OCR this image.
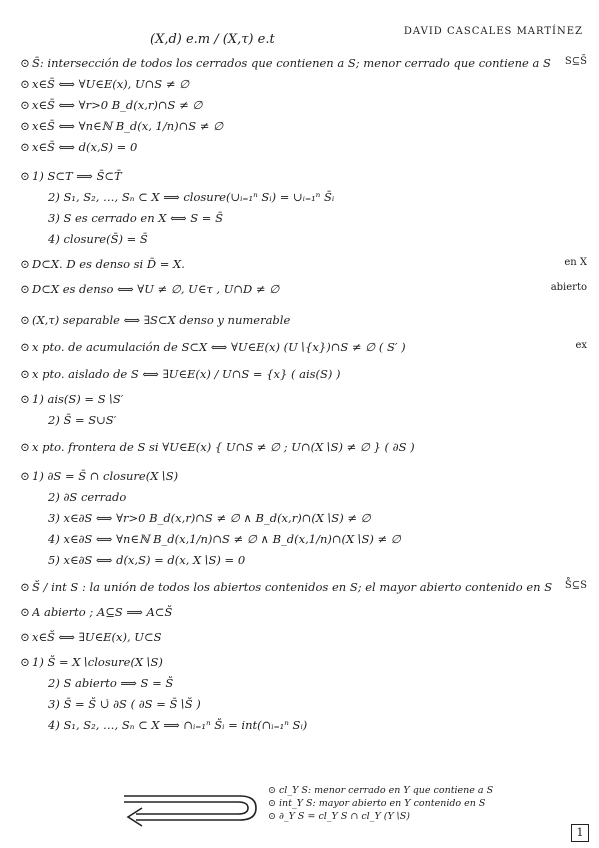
(X,d) e.m / (X,τ) e.t
DAVID CASCALES MARTÍNEZ
⊙ S̄: intersección de todos los cerrados que contienen a S; menor cerrado que contiene a S	S⊆S̄
⊙ x∈S̄ ⟺ ∀U∈E(x), U∩S ≠ ∅
⊙ x∈S̄ ⟺ ∀r>0 B_d(x,r)∩S ≠ ∅
⊙ x∈S̄ ⟺ ∀n∈ℕ B_d(x, 1/n)∩S ≠ ∅
⊙ x∈S̄ ⟺ d(x,S) = 0
⊙ 1) S⊂T ⟹ S̄⊂T̄
2) S₁, S₂, …, Sₙ ⊂ X ⟹ closure(∪ᵢ₌₁ⁿ Sᵢ) = ∪ᵢ₌₁ⁿ S̄ᵢ
3) S es cerrado en X ⟺ S = S̄
4) closure(S̄) = S̄
⊙ D⊂X. D es denso si D̄ = X.	en X
⊙ D⊂X es denso ⟺ ∀U ≠ ∅, U∈τ , U∩D ≠ ∅	abierto
⊙ (X,τ) separable ⟺ ∃S⊂X denso y numerable
⊙ x pto. de acumulación de S⊂X ⟺ ∀U∈E(x) (U∖{x})∩S ≠ ∅ ( S′ )	ex
⊙ x pto. aislado de S ⟺ ∃U∈E(x) / U∩S = {x} ( ais(S) )
⊙ 1) ais(S) = S∖S′
2) S̄ = S∪S′
⊙ x pto. frontera de S si ∀U∈E(x) { U∩S ≠ ∅ ; U∩(X∖S) ≠ ∅ } ( ∂S )
⊙ 1) ∂S = S̄ ∩ closure(X∖S)
2) ∂S cerrado
3) x∈∂S ⟺ ∀r>0 B_d(x,r)∩S ≠ ∅ ∧ B_d(x,r)∩(X∖S) ≠ ∅
4) x∈∂S ⟺ ∀n∈ℕ B_d(x,1/n)∩S ≠ ∅ ∧ B_d(x,1/n)∩(X∖S) ≠ ∅
5) x∈∂S ⟺ d(x,S) = d(x, X∖S) = 0
⊙ S̊ / int S : la unión de todos los abiertos contenidos en S; el mayor abierto contenido en S	S̊⊆S
⊙ A abierto ; A⊆S ⟹ A⊂S̊
⊙ x∈S̊ ⟺ ∃U∈E(x), U⊂S
⊙ 1) S̊ = X∖closure(X∖S)
2) S abierto ⟹ S = S̊
3) S̄ = S̊ ∪̇ ∂S ( ∂S = S̄∖S̊ )
4) S₁, S₂, …, Sₙ ⊂ X ⟹ ∩ᵢ₌₁ⁿ S̊ᵢ = int(∩ᵢ₌₁ⁿ Sᵢ)
⊙ cl_Y S: menor cerrado en Y que contiene a S
⊙ int_Y S: mayor abierto en Y contenido en S
⊙ ∂_Y S = cl_Y S ∩ cl_Y (Y∖S)
1
